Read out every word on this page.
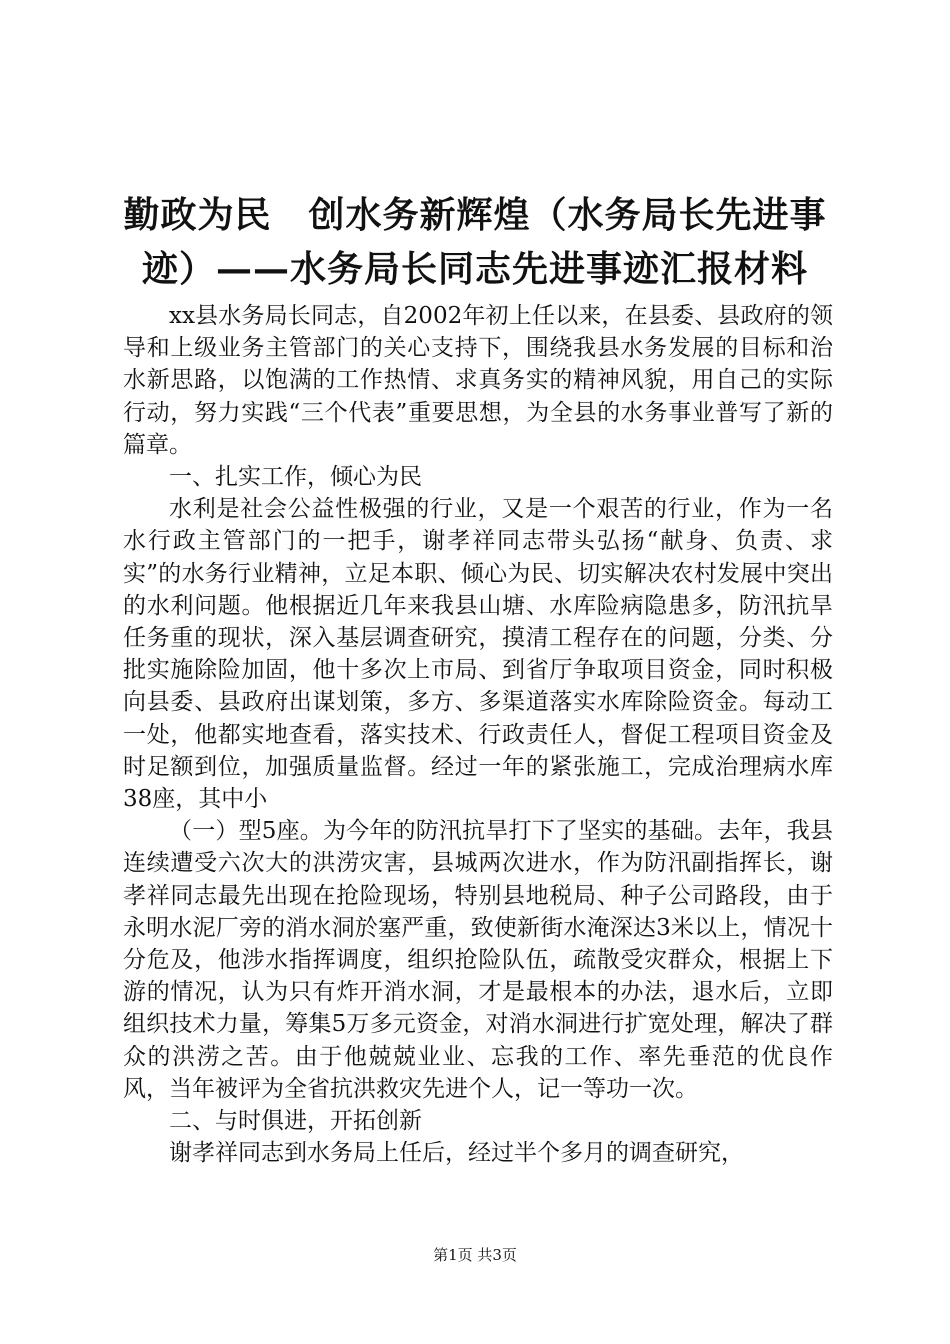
勤政为民　创水务新辉煌（水务局长先进事
迹）——水务局长同志先进事迹汇报材料

xx县水务局长同志，自2002年初上任以来，在县委、县政府的领导和上级业务主管部门的关心支持下，围绕我县水务发展的目标和治水新思路，以饱满的工作热情、求真务实的精神风貌，用自己的实际行动，努力实践“三个代表”重要思想，为全县的水务事业普写了新的篇章。

一、扎实工作，倾心为民

水利是社会公益性极强的行业，又是一个艰苦的行业，作为一名水行政主管部门的一把手，谢孝祥同志带头弘扬“献身、负责、求实”的水务行业精神，立足本职、倾心为民、切实解决农村发展中突出的水利问题。他根据近几年来我县山塘、水库险病隐患多，防汛抗旱任务重的现状，深入基层调查研究，摸清工程存在的问题，分类、分批实施除险加固，他十多次上市局、到省厅争取项目资金，同时积极向县委、县政府出谋划策，多方、多渠道落实水库除险资金。每动工一处，他都实地查看，落实技术、行政责任人，督促工程项目资金及时足额到位，加强质量监督。经过一年的紧张施工，完成治理病水库38座，其中小

（一）型5座。为今年的防汛抗旱打下了坚实的基础。去年，我县连续遭受六次大的洪涝灾害，县城两次进水，作为防汛副指挥长，谢孝祥同志最先出现在抢险现场，特别县地税局、种子公司路段，由于永明水泥厂旁的消水洞於塞严重，致使新街水淹深达3米以上，情况十分危及，他涉水指挥调度，组织抢险队伍，疏散受灾群众，根据上下游的情况，认为只有炸开消水洞，才是最根本的办法，退水后，立即组织技术力量，筹集5万多元资金，对消水洞进行扩宽处理，解决了群众的洪涝之苦。由于他兢兢业业、忘我的工作、率先垂范的优良作风，当年被评为全省抗洪救灾先进个人，记一等功一次。

二、与时俱进，开拓创新

谢孝祥同志到水务局上任后，经过半个多月的调查研究，

第1页 共3页
